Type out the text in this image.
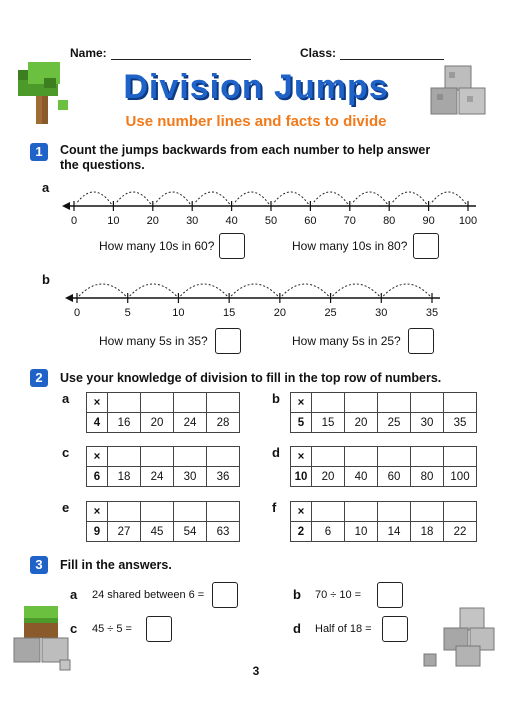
Name:	Class:
Division Jumps
Use number lines and facts to divide
1	Count the jumps backwards from each number to help answer
the questions.
a
0	10 20 30 40 50 60 70 80 90 100
How many 10s in 60?	How many 10s in 80?
b
0	5	10	15	20	25	30	35
How many 5s in 35?	How many 5s in 25?
2	Use your knowledge of division to fill in the top row of numbers.
a ×				
4	16	20	24	28
b ×					
5	15	20	25	30	35
c ×				
6	18	24	30	36
d ×					
10	20	40	60	80	100
e ×				
9	27	45	54	63
f ×					
2	6	10	14	18	22
3	Fill in the answers.
a 24 shared between 6 =	b 70 ÷ 10 =
c 45 ÷ 5 =	d Half of 18 =
3
